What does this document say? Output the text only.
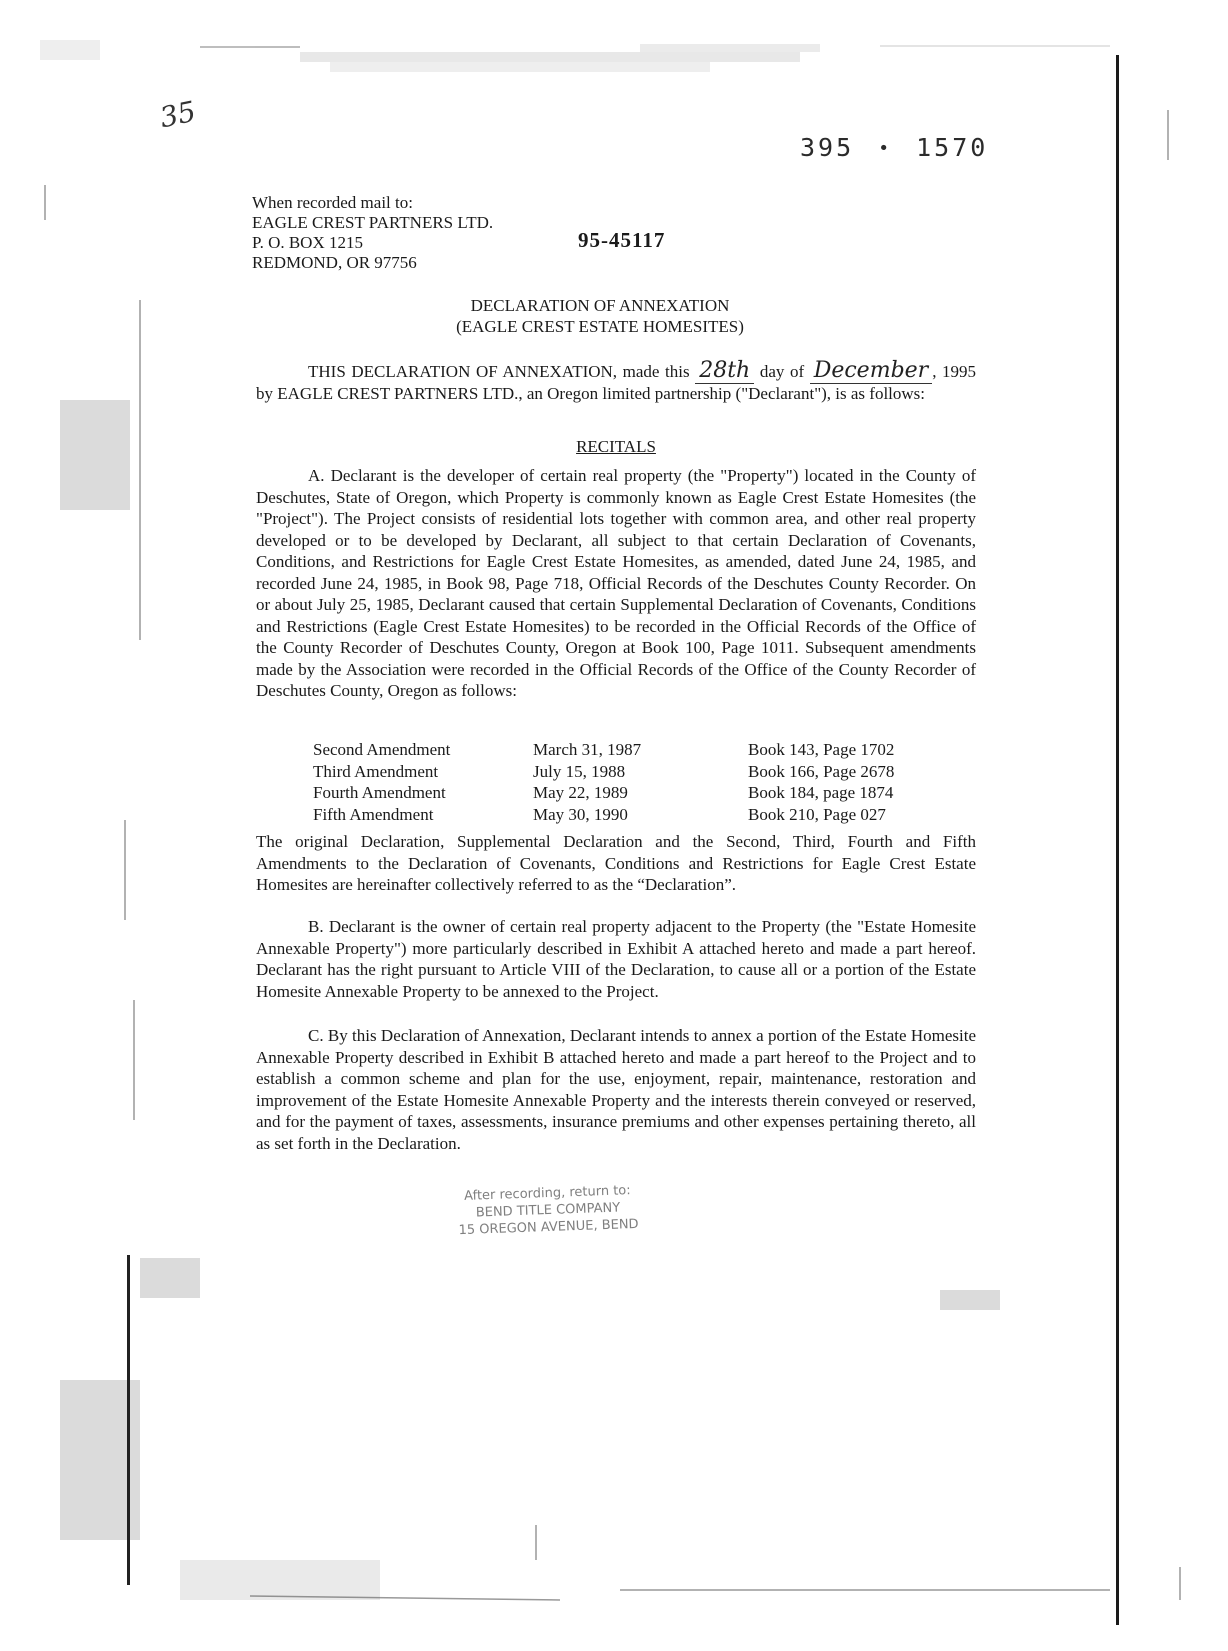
35
395 • 1570
When recorded mail to:
EAGLE CREST PARTNERS LTD.
P. O. BOX 1215
REDMOND, OR 97756
95-45117
DECLARATION OF ANNEXATION
(EAGLE CREST ESTATE HOMESITES)
THIS DECLARATION OF ANNEXATION, made this 28th day of December , 1995 by EAGLE CREST PARTNERS LTD., an Oregon limited partnership ("Declarant"), is as follows:
RECITALS
A. Declarant is the developer of certain real property (the "Property") located in the County of Deschutes, State of Oregon, which Property is commonly known as Eagle Crest Estate Homesites (the "Project"). The Project consists of residential lots together with common area, and other real property developed or to be developed by Declarant, all subject to that certain Declaration of Covenants, Conditions, and Restrictions for Eagle Crest Estate Homesites, as amended, dated June 24, 1985, and recorded June 24, 1985, in Book 98, Page 718, Official Records of the Deschutes County Recorder. On or about July 25, 1985, Declarant caused that certain Supplemental Declaration of Covenants, Conditions and Restrictions (Eagle Crest Estate Homesites) to be recorded in the Official Records of the Office of the County Recorder of Deschutes County, Oregon at Book 100, Page 1011. Subsequent amendments made by the Association were recorded in the Official Records of the Office of the County Recorder of Deschutes County, Oregon as follows:
Second Amendment	March 31, 1987	Book 143, Page 1702
Third Amendment	July 15, 1988	Book 166, Page 2678
Fourth Amendment	May 22, 1989	Book 184, page 1874
Fifth Amendment	May 30, 1990	Book 210, Page 027
The original Declaration, Supplemental Declaration and the Second, Third, Fourth and Fifth Amendments to the Declaration of Covenants, Conditions and Restrictions for Eagle Crest Estate Homesites are hereinafter collectively referred to as the “Declaration”.
B. Declarant is the owner of certain real property adjacent to the Property (the "Estate Homesite Annexable Property") more particularly described in Exhibit A attached hereto and made a part hereof. Declarant has the right pursuant to Article VIII of the Declaration, to cause all or a portion of the Estate Homesite Annexable Property to be annexed to the Project.
C. By this Declaration of Annexation, Declarant intends to annex a portion of the Estate Homesite Annexable Property described in Exhibit B attached hereto and made a part hereof to the Project and to establish a common scheme and plan for the use, enjoyment, repair, maintenance, restoration and improvement of the Estate Homesite Annexable Property and the interests therein conveyed or reserved, and for the payment of taxes, assessments, insurance premiums and other expenses pertaining thereto, all as set forth in the Declaration.
After recording, return to:
BEND TITLE COMPANY
15 OREGON AVENUE, BEND
